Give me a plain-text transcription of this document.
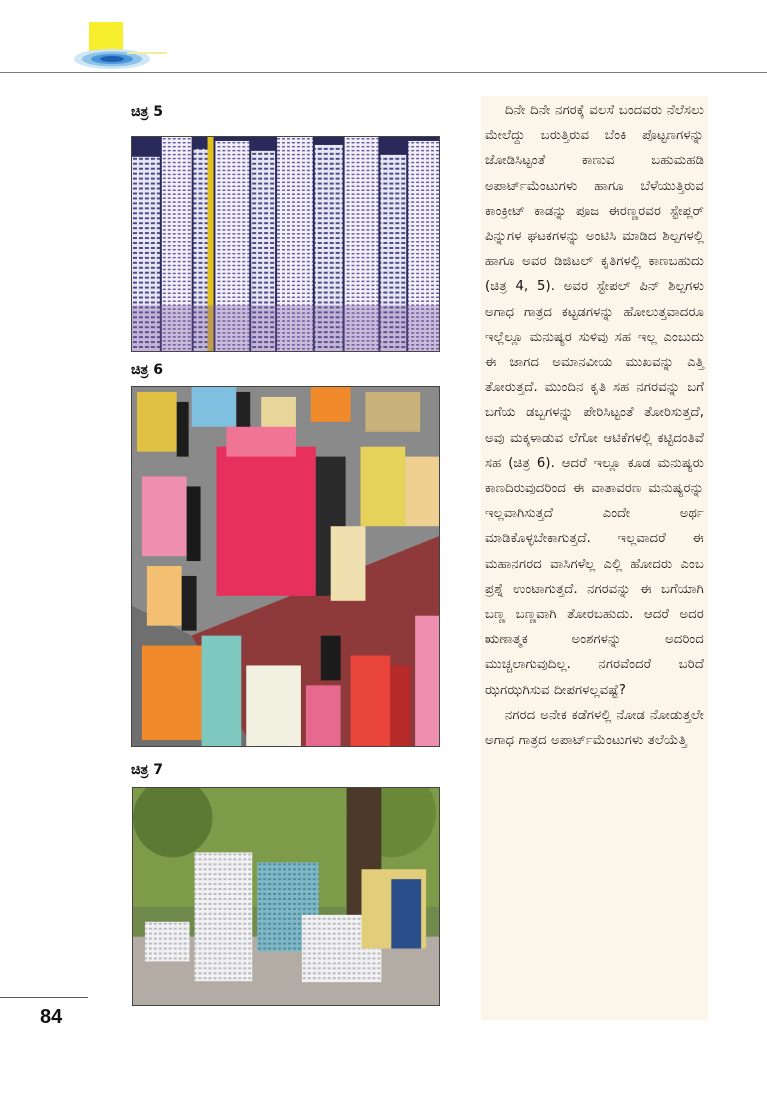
ಚಿತ್ರ 5
ಚಿತ್ರ 6
ಚಿತ್ರ 7

ದಿನೇ ದಿನೇ ನಗರಕ್ಕೆ ವಲಸೆ ಬಂದವರು ನೆಲೆಸಲು ಮೇಲೆದ್ದು ಬರುತ್ತಿರುವ ಬೆಂಕಿ ಪೊಟ್ಟಣಗಳನ್ನು ಜೋಡಿಸಿಟ್ಟಂತೆ ಕಾಣುವ ಬಹುಮಹಡಿ ಅಪಾರ್ಟ್‌ಮೆಂಟುಗಳು ಹಾಗೂ ಬೆಳೆಯುತ್ತಿರುವ ಕಾಂಕ್ರೀಟ್ ಕಾಡನ್ನು ಪೂಜ ಈರಣ್ಣರವರ ಸ್ಟೇಪ್ಲರ್ ಪಿನ್ನುಗಳ ಘಟಕಗಳನ್ನು ಅಂಟಿಸಿ ಮಾಡಿದ ಶಿಲ್ಪಗಳಲ್ಲಿ ಹಾಗೂ ಅವರ ಡಿಜಿಟಲ್ ಕೃತಿಗಳಲ್ಲಿ ಕಾಣಬಹುದು (ಚಿತ್ರ 4, 5). ಅವರ ಸ್ಟೇಪಲ್ ಪಿನ್ ಶಿಲ್ಪಗಳು ಅಗಾಧ ಗಾತ್ರದ ಕಟ್ಟಡಗಳನ್ನು ಹೋಲುತ್ತವಾದರೂ ಇಲ್ಲೆಲ್ಲೂ ಮನುಷ್ಯರ ಸುಳಿವು ಸಹ ಇಲ್ಲ ಎಂಬುದು ಈ ಜಾಗದ ಅಮಾನವೀಯ ಮುಖವನ್ನು ಎತ್ತಿ ತೋರುತ್ತದೆ. ಮುಂದಿನ ಕೃತಿ ಸಹ ನಗರವನ್ನು ಬಗೆ ಬಗೆಯ ಡಬ್ಬಗಳನ್ನು ಪೇರಿಸಿಟ್ಟಂತೆ ತೋರಿಸುತ್ತದೆ, ಅವು ಮಕ್ಕಳಾಡುವ ಲೆಗೋ ಆಟಿಕೆಗಳಲ್ಲಿ ಕಟ್ಟಿದಂತಿವೆ ಸಹ (ಚಿತ್ರ 6). ಆದರೆ ಇಲ್ಲೂ ಕೂಡ ಮನುಷ್ಯರು ಕಾಣದಿರುವುದರಿಂದ ಈ ವಾತಾವರಣ ಮನುಷ್ಯರನ್ನು ಇಲ್ಲವಾಗಿಸುತ್ತದೆ ಎಂದೇ ಅರ್ಥ ಮಾಡಿಕೊಳ್ಳಬೇಕಾಗುತ್ತದೆ. ಇಲ್ಲವಾದರೆ ಈ ಮಹಾನಗರದ ವಾಸಿಗಳೆಲ್ಲ ಎಲ್ಲಿ ಹೋದರು ಎಂಬ ಪ್ರಶ್ನೆ ಉಂಟಾಗುತ್ತದೆ. ನಗರವನ್ನು ಈ ಬಗೆಯಾಗಿ ಬಣ್ಣ ಬಣ್ಣವಾಗಿ ತೋರಬಹುದು. ಆದರೆ ಅದರ ಋಣಾತ್ಮಕ ಅಂಶಗಳನ್ನು ಅದರಿಂದ ಮುಚ್ಚಲಾಗುವುದಿಲ್ಲ. ನಗರವೆಂದರೆ ಬರಿದೆ ಝಗಝಗಿಸುವ ದೀಪಗಳಲ್ಲವಷ್ಟೆ?

ನಗರದ ಅನೇಕ ಕಡೆಗಳಲ್ಲಿ ನೋಡ ನೋಡುತ್ತಲೇ ಅಗಾಧ ಗಾತ್ರದ ಅಪಾರ್ಟ್‌ಮೆಂಟುಗಳು ತಲೆಯೆತ್ತಿ

84
